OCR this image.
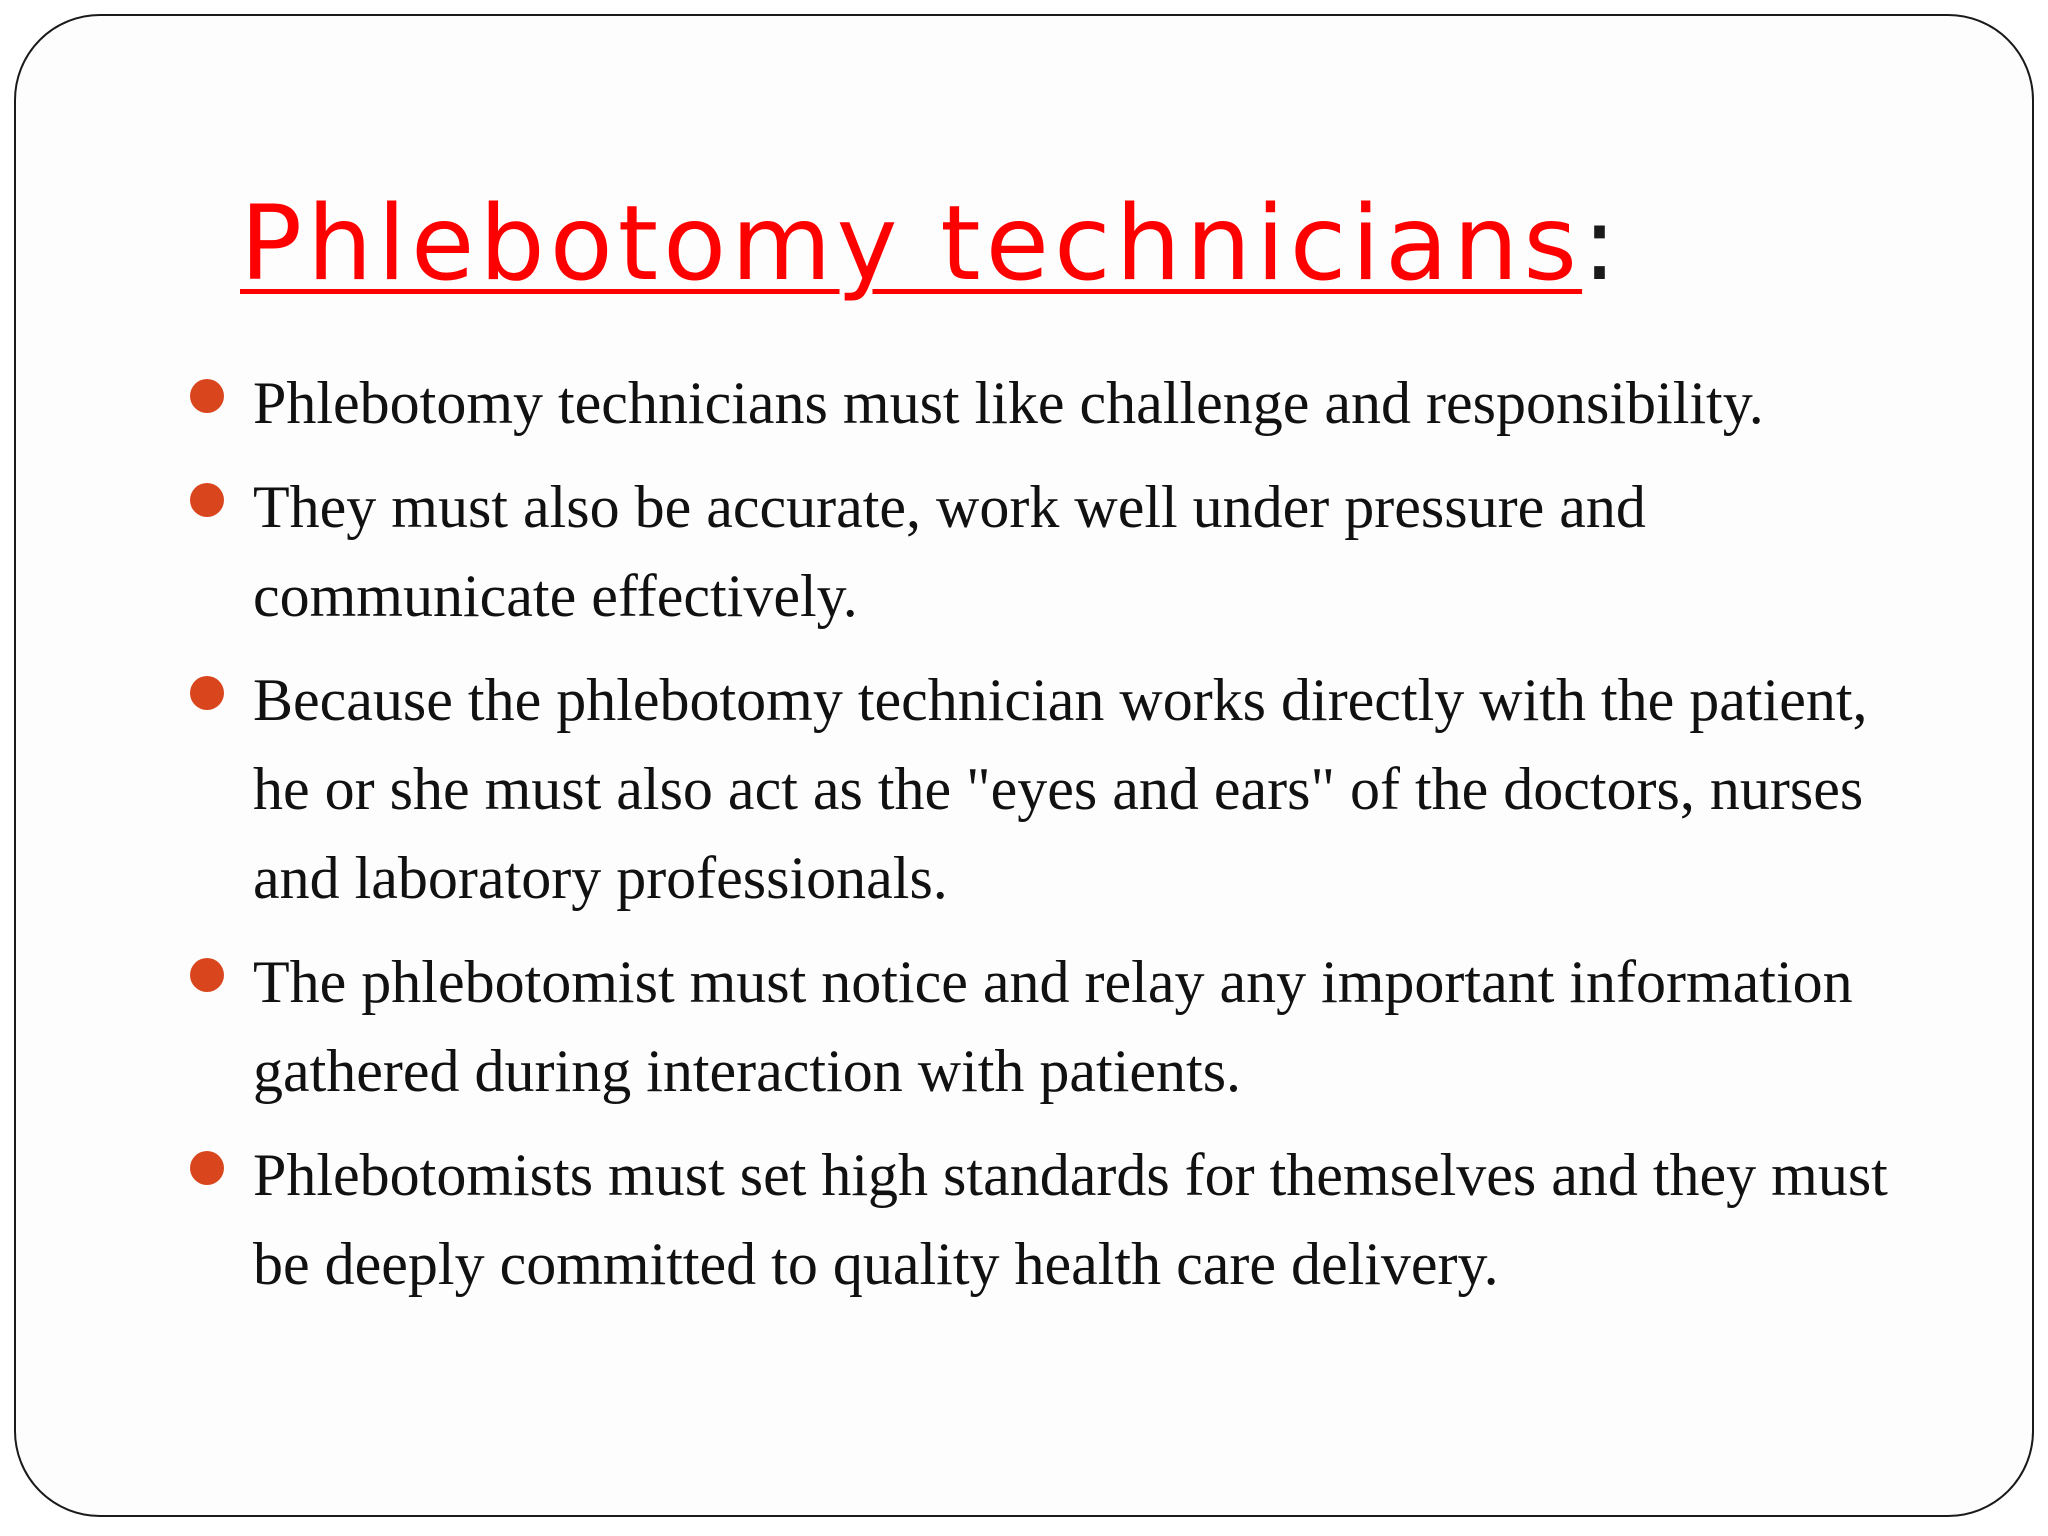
Phlebotomy technicians:
Phlebotomy technicians must like challenge and responsibility.
They must also be accurate, work well under pressure and communicate effectively.
Because the phlebotomy technician works directly with the patient, he or she must also act as the "eyes and ears" of the doctors, nurses and laboratory professionals.
The phlebotomist must notice and relay any important information gathered during interaction with patients.
Phlebotomists must set high standards for themselves and they must be deeply committed to quality health care delivery.
